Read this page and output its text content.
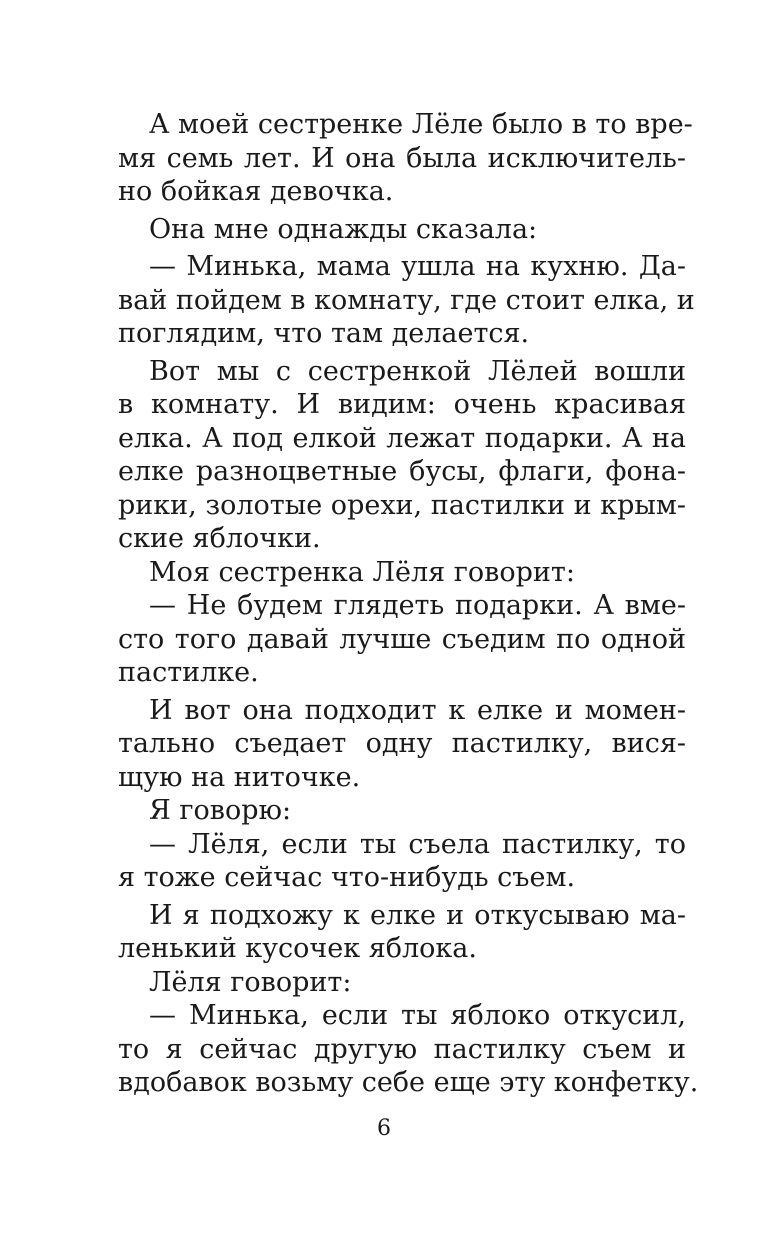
А моей сестренке Лёле было в то вре-
мя семь лет. И она была исключитель-
но бойкая девочка.
Она мне однажды сказала:
— Минька, мама ушла на кухню. Да-
вай пойдем в комнату, где стоит елка, и
поглядим, что там делается.
Вот мы с сестренкой Лёлей вошли
в комнату. И видим: очень красивая
елка. А под елкой лежат подарки. А на
елке разноцветные бусы, флаги, фона-
рики, золотые орехи, пастилки и крым-
ские яблочки.
Моя сестренка Лёля говорит:
— Не будем глядеть подарки. А вме-
сто того давай лучше съедим по одной
пастилке.
И вот она подходит к елке и момен-
тально съедает одну пастилку, вися-
щую на ниточке.
Я говорю:
— Лёля, если ты съела пастилку, то
я тоже сейчас что-нибудь съем.
И я подхожу к елке и откусываю ма-
ленький кусочек яблока.
Лёля говорит:
— Минька, если ты яблоко откусил,
то я сейчас другую пастилку съем и
вдобавок возьму себе еще эту конфетку.
6
